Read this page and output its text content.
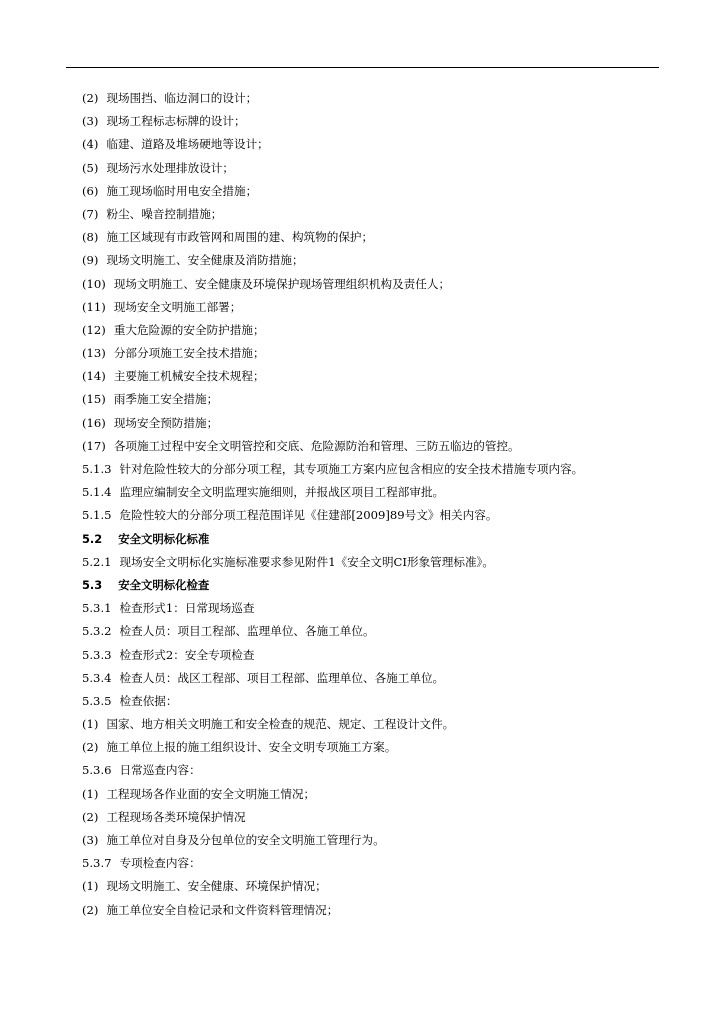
(2) 现场围挡、临边洞口的设计；
(3) 现场工程标志标牌的设计；
(4) 临建、道路及堆场硬地等设计；
(5) 现场污水处理排放设计；
(6) 施工现场临时用电安全措施；
(7) 粉尘、噪音控制措施；
(8) 施工区域现有市政管网和周围的建、构筑物的保护；
(9) 现场文明施工、安全健康及消防措施；
(10) 现场文明施工、安全健康及环境保护现场管理组织机构及责任人；
(11) 现场安全文明施工部署；
(12) 重大危险源的安全防护措施；
(13) 分部分项施工安全技术措施；
(14) 主要施工机械安全技术规程；
(15) 雨季施工安全措施；
(16) 现场安全预防措施；
(17) 各项施工过程中安全文明管控和交底、危险源防治和管理、三防五临边的管控。
5.1.3 针对危险性较大的分部分项工程，其专项施工方案内应包含相应的安全技术措施专项内容。
5.1.4 监理应编制安全文明监理实施细则，并报战区项目工程部审批。
5.1.5 危险性较大的分部分项工程范围详见《住建部[2009]89号文》相关内容。
5.2 安全文明标化标准
5.2.1 现场安全文明标化实施标准要求参见附件1《安全文明CI形象管理标准》。
5.3 安全文明标化检查
5.3.1 检查形式1：日常现场巡查
5.3.2 检查人员：项目工程部、监理单位、各施工单位。
5.3.3 检查形式2：安全专项检查
5.3.4 检查人员：战区工程部、项目工程部、监理单位、各施工单位。
5.3.5 检查依据：
(1) 国家、地方相关文明施工和安全检查的规范、规定、工程设计文件。
(2) 施工单位上报的施工组织设计、安全文明专项施工方案。
5.3.6 日常巡查内容：
(1) 工程现场各作业面的安全文明施工情况；
(2) 工程现场各类环境保护情况
(3) 施工单位对自身及分包单位的安全文明施工管理行为。
5.3.7 专项检查内容：
(1) 现场文明施工、安全健康、环境保护情况；
(2) 施工单位安全自检记录和文件资料管理情况；
